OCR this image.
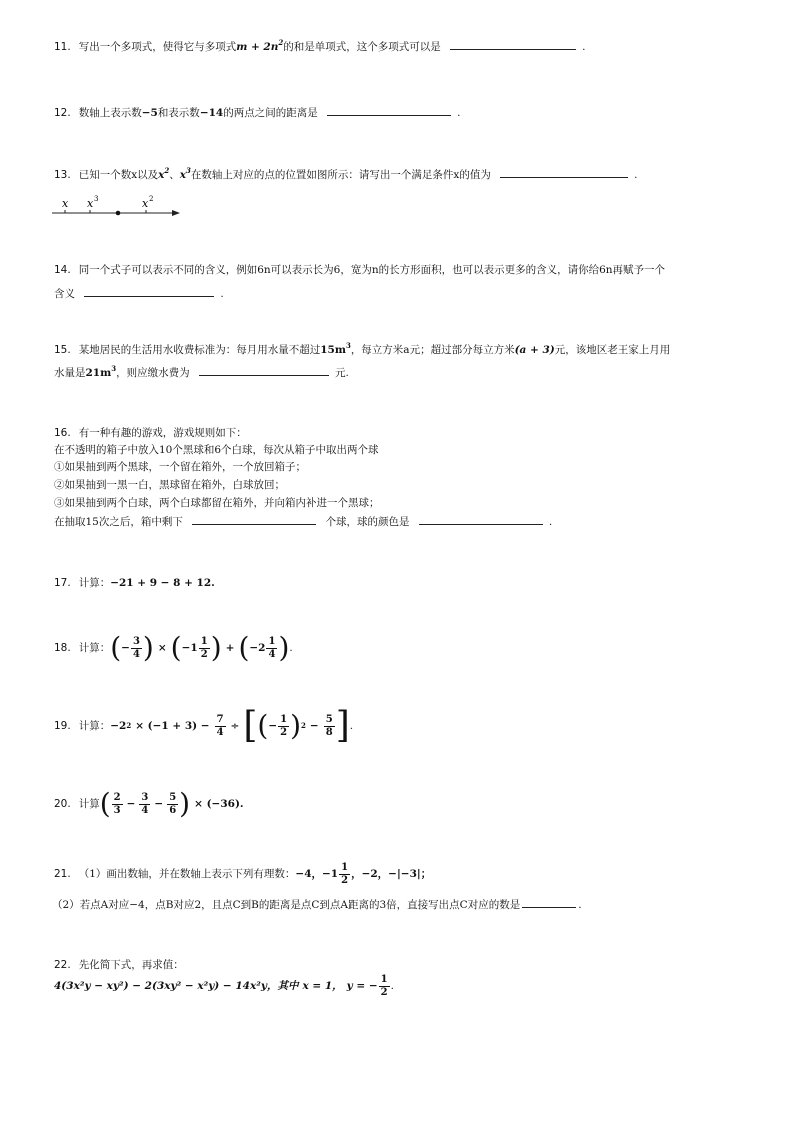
11. 写出一个多项式，使得它与多项式$m + 2n^2$的和是单项式，这个多项式可以是	.
12. 数轴上表示数−5和表示数−14的两点之间的距离是	.
13. 已知一个数x以及$x^2$、$x^3$在数轴上对应的点的位置如图所示：请写出一个满足条件x的值为	.
x x 3	x 2
14. 同一个式子可以表示不同的含义，例如6n可以表示长为6，宽为n的长方形面积，也可以表示更多的含义，请你给6n再赋予一个
含义	.
15. 某地居民的生活用水收费标准为：每月用水量不超过$15m^3$，每立方米a元；超过部分每立方米(a + 3)元，该地区老王家上月用
水量是$21m^3$，则应缴水费为	元.
16. 有一种有趣的游戏，游戏规则如下：
在不透明的箱子中放入10个黑球和6个白球，每次从箱子中取出两个球
①如果抽到两个黑球，一个留在箱外，一个放回箱子；
②如果抽到一黑一白，黑球留在箱外，白球放回；
③如果抽到两个白球，两个白球都留在箱外，并向箱内补进一个黑球；
在抽取15次之后，箱中剩下	个球，球的颜色是	.
17. 计算：−21 + 9 − 8 + 12.
18. 计算： ( − $\frac{3}{4}$ ) × ( $-1 \frac{1}{2}$ ) + ( $-2 \frac{1}{4}$ ) .
19. 计算： −2 $2 \times (-1 + 3) - \frac{7}{4}$ ÷ [ ( − $\frac{1}{2}$ ) $2 - \frac{5}{8}$ ] .
20. 计算 ( $\frac{2}{3} - \frac{3}{4} - \frac{5}{6}$ ) × (−36).
21. （1）画出数轴，并在数轴上表示下列有理数： −4， $-1 \frac{1}{2}$ ，−2，−|−3|；
（2）若点A对应−4，点B对应2，且点C到B的距离是点C到点A距离的3倍，直接写出点C对应的数是	.
22. 先化简下式，再求值：
4(3x²y − xy²) − 2(3xy² − x²y) − 14x²y，其中 x = 1， y = − $\frac{1}{2}$ .
